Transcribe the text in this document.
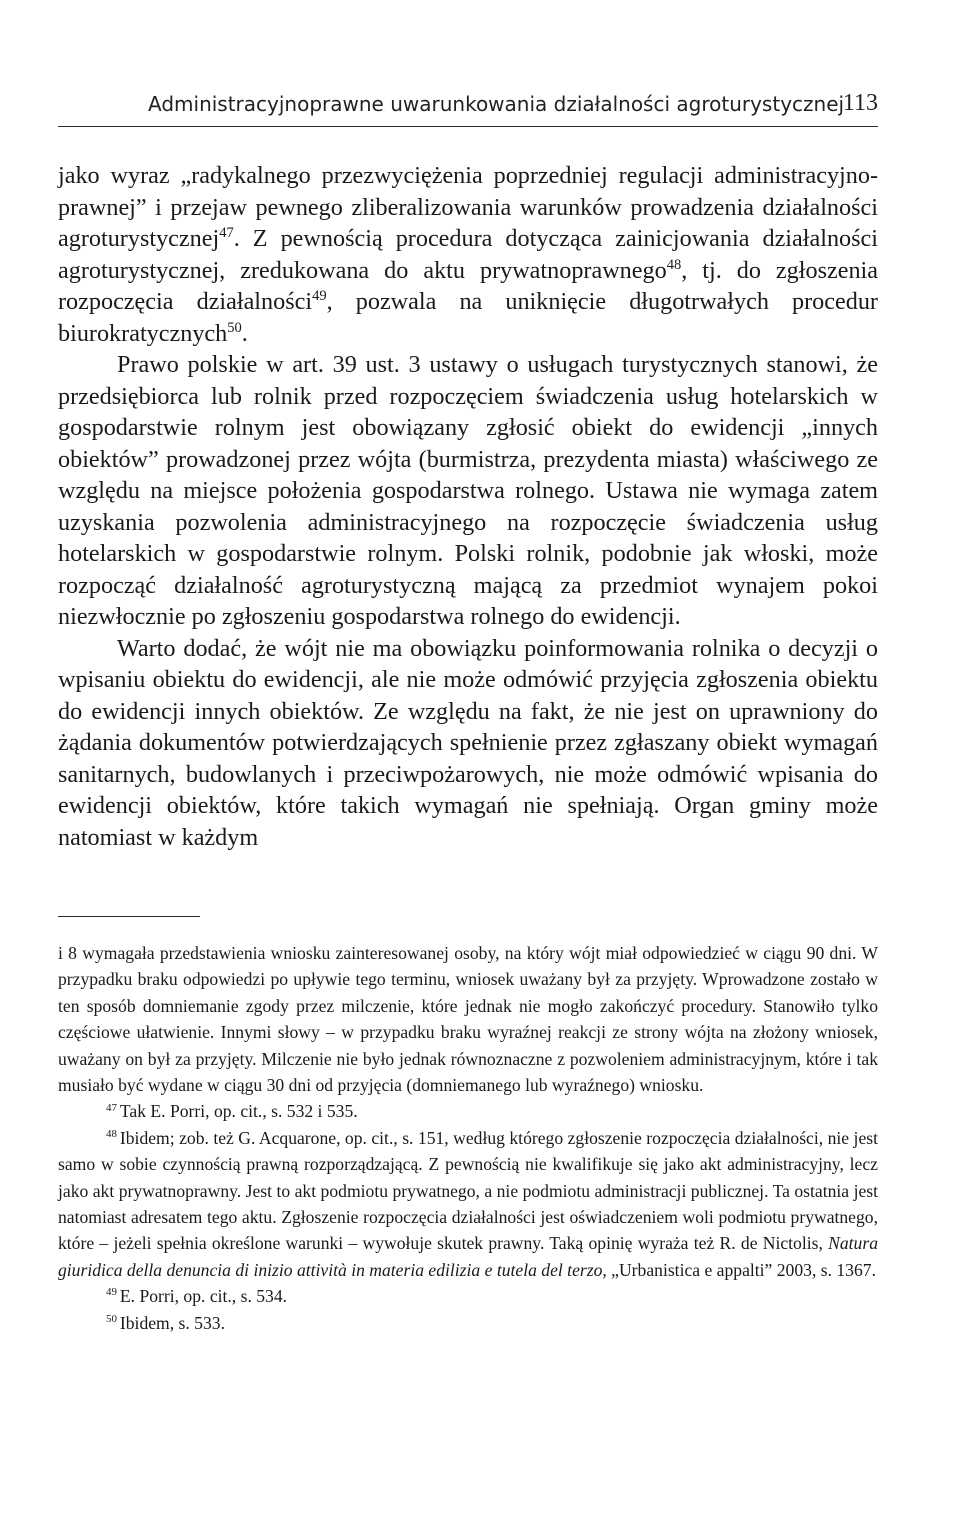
Administracyjnoprawne uwarunkowania działalności agroturystycznej
113

jako wyraz „radykalnego przezwyciężenia poprzedniej regulacji administracyjno-prawnej” i przejaw pewnego zliberalizowania warunków prowadzenia działalności agroturystycznej$^{47}$. Z pewnością procedura dotycząca zainicjowania działalności agroturystycznej, zredukowana do aktu prywatnoprawnego$^{48}$, tj. do zgłoszenia rozpoczęcia działalności$^{49}$, pozwala na uniknięcie długotrwałych procedur biurokratycznych$^{50}$.

Prawo polskie w art. 39 ust. 3 ustawy o usługach turystycznych stanowi, że przedsiębiorca lub rolnik przed rozpoczęciem świadczenia usług hotelarskich w gospodarstwie rolnym jest obowiązany zgłosić obiekt do ewidencji „innych obiektów” prowadzonej przez wójta (burmistrza, prezydenta miasta) właściwego ze względu na miejsce położenia gospodarstwa rolnego. Ustawa nie wymaga zatem uzyskania pozwolenia administracyjnego na rozpoczęcie świadczenia usług hotelarskich w gospodarstwie rolnym. Polski rolnik, podobnie jak włoski, może rozpocząć działalność agroturystyczną mającą za przedmiot wynajem pokoi niezwłocznie po zgłoszeniu gospodarstwa rolnego do ewidencji.

Warto dodać, że wójt nie ma obowiązku poinformowania rolnika o decyzji o wpisaniu obiektu do ewidencji, ale nie może odmówić przyjęcia zgłoszenia obiektu do ewidencji innych obiektów. Ze względu na fakt, że nie jest on uprawniony do żądania dokumentów potwierdzających spełnienie przez zgłaszany obiekt wymagań sanitarnych, budowlanych i przeciwpożarowych, nie może odmówić wpisania do ewidencji obiektów, które takich wymagań nie spełniają. Organ gminy może natomiast w każdym

i 8 wymagała przedstawienia wniosku zainteresowanej osoby, na który wójt miał odpowiedzieć w ciągu 90 dni. W przypadku braku odpowiedzi po upływie tego terminu, wniosek uważany był za przyjęty. Wprowadzone zostało w ten sposób domniemanie zgody przez milczenie, które jednak nie mogło zakończyć procedury. Stanowiło tylko częściowe ułatwienie. Innymi słowy – w przypadku braku wyraźnej reakcji ze strony wójta na złożony wniosek, uważany on był za przyjęty. Milczenie nie było jednak równoznaczne z pozwoleniem administracyjnym, które i tak musiało być wydane w ciągu 30 dni od przyjęcia (domniemanego lub wyraźnego) wniosku.

$^{47}$ Tak E. Porri, op. cit., s. 532 i 535.

$^{48}$ Ibidem; zob. też G. Acquarone, op. cit., s. 151, według którego zgłoszenie rozpoczęcia działalności, nie jest samo w sobie czynnością prawną rozporządzającą. Z pewnością nie kwalifikuje się jako akt administracyjny, lecz jako akt prywatnoprawny. Jest to akt podmiotu prywatnego, a nie podmiotu administracji publicznej. Ta ostatnia jest natomiast adresatem tego aktu. Zgłoszenie rozpoczęcia działalności jest oświadczeniem woli podmiotu prywatnego, które – jeżeli spełnia określone warunki – wywołuje skutek prawny. Taką opinię wyraża też R. de Nictolis, Natura giuridica della denuncia di inizio attività in materia edilizia e tutela del terzo, „Urbanistica e appalti” 2003, s. 1367.

$^{49}$ E. Porri, op. cit., s. 534.

$^{50}$ Ibidem, s. 533.
